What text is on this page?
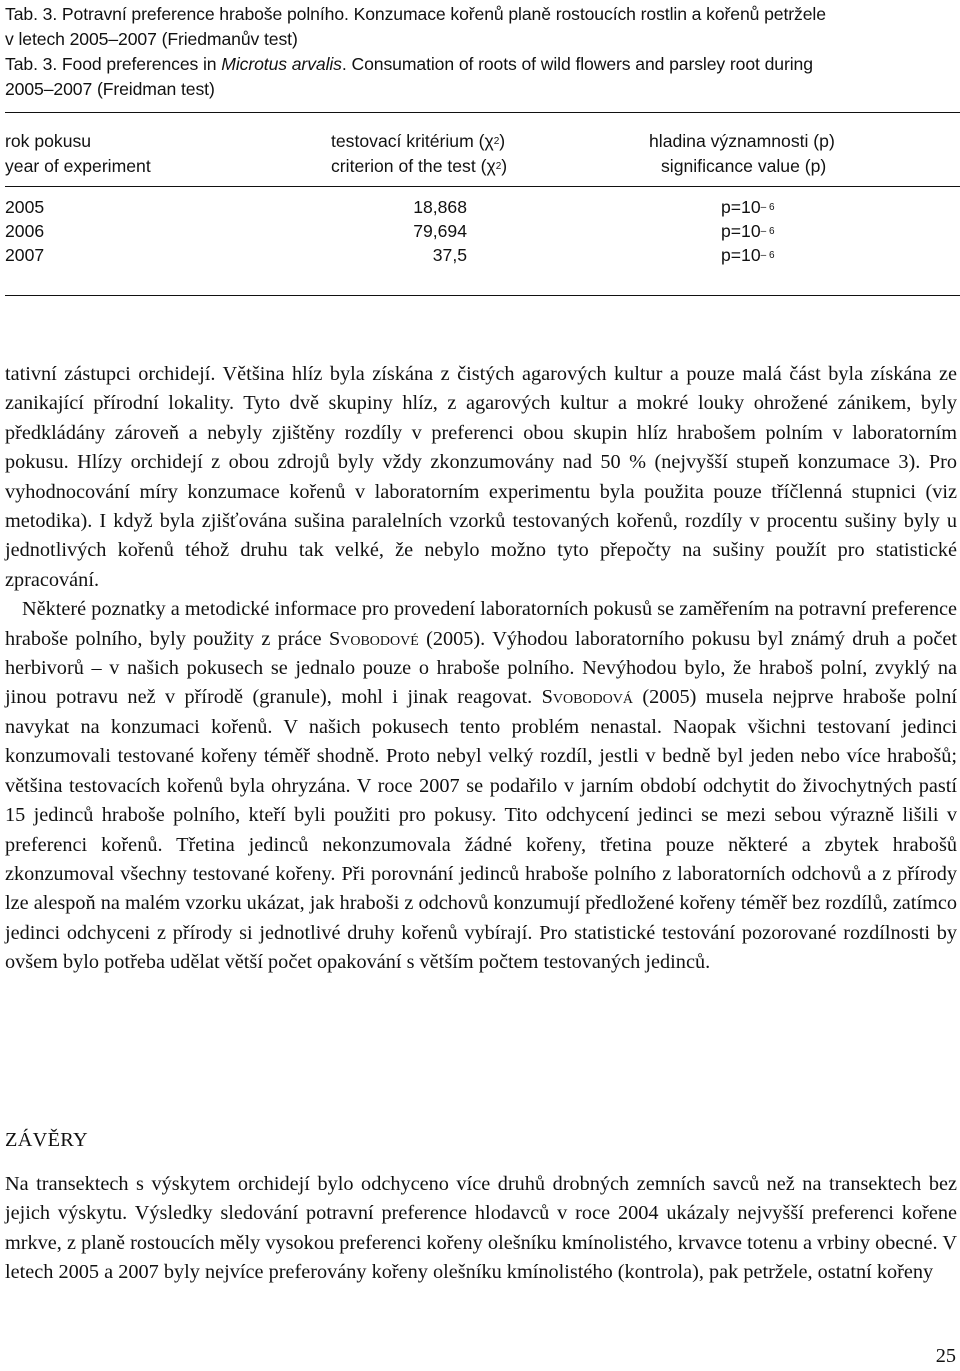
Tab. 3. Potravní preference hraboše polního. Konzumace kořenů planě rostoucích rostlin a kořenů petržele
v letech 2005–2007 (Friedmanův test)
Tab. 3. Food preferences in Microtus arvalis. Consumation of roots of wild flowers and parsley root during
2005–2007 (Freidman test)
rok pokusu	testovací kritérium $(\chi^2)$	hladina významnosti (p)
year of experiment	criterion of the test $(\chi^2)$	significance value (p)
2005	18,868	$p=10^{- 6}$
2006	79,694	$p=10^{- 6}$
2007	37,5	$p=10^{- 6}$

tativní zástupci orchidejí. Většina hlíz byla získána z čistých agarových kultur a pouze malá část byla získána ze zanikající přírodní lokality. Tyto dvě skupiny hlíz, z agarových kultur a mokré louky ohrožené zánikem, byly předkládány zároveň a nebyly zjištěny rozdíly v preferenci obou skupin hlíz hrabošem polním v laboratorním pokusu. Hlízy orchidejí z obou zdrojů byly vždy zkonzumovány nad 50 % (nejvyšší stupeň konzumace 3). Pro vyhodnocování míry konzumace kořenů v laboratorním experimentu byla použita pouze tříčlenná stupnici (viz metodika). I když byla zjišťována sušina paralelních vzorků testovaných kořenů, rozdíly v procentu sušiny byly u jednotlivých kořenů téhož druhu tak velké, že nebylo možno tyto přepočty na sušiny použít pro statistické zpracování.

Některé poznatky a metodické informace pro provedení laboratorních pokusů se zaměřením na potravní preference hraboše polního, byly použity z práce Svobodové (2005). Výhodou laboratorního pokusu byl známý druh a počet herbivorů – v našich pokusech se jednalo pouze o hraboše polního. Nevýhodou bylo, že hraboš polní, zvyklý na jinou potravu než v přírodě (granule), mohl i jinak reagovat. Svobodová (2005) musela nejprve hraboše polní navykat na konzumaci kořenů. V našich pokusech tento problém nenastal. Naopak všichni testovaní jedinci konzumovali testované kořeny téměř shodně. Proto nebyl velký rozdíl, jestli v bedně byl jeden nebo více hrabošů; většina testovacích kořenů byla ohryzána. V roce 2007 se podařilo v jarním období odchytit do živochytných pastí 15 jedinců hraboše polního, kteří byli použiti pro pokusy. Tito odchycení jedinci se mezi sebou výrazně lišili v preferenci kořenů. Třetina jedinců nekonzumovala žádné kořeny, třetina pouze některé a zbytek hrabošů zkonzumoval všechny testované kořeny. Při porovnání jedinců hraboše polního z laboratorních odchovů a z přírody lze alespoň na malém vzorku ukázat, jak hraboši z odchovů konzumují předložené kořeny téměř bez rozdílů, zatímco jedinci odchyceni z přírody si jednotlivé druhy kořenů vybírají. Pro statistické testování pozorované rozdílnosti by ovšem bylo potřeba udělat větší počet opakování s větším počtem testovaných jedinců.

ZÁVĚRY

Na transektech s výskytem orchidejí bylo odchyceno více druhů drobných zemních savců než na transektech bez jejich výskytu. Výsledky sledování potravní preference hlodavců v roce 2004 ukázaly nejvyšší preferenci kořene mrkve, z planě rostoucích měly vysokou preferenci kořeny olešníku kmínolistého, krvavce totenu a vrbiny obecné. V letech 2005 a 2007 byly nejvíce preferovány kořeny olešníku kmínolistého (kontrola), pak petržele, ostatní kořeny

25
